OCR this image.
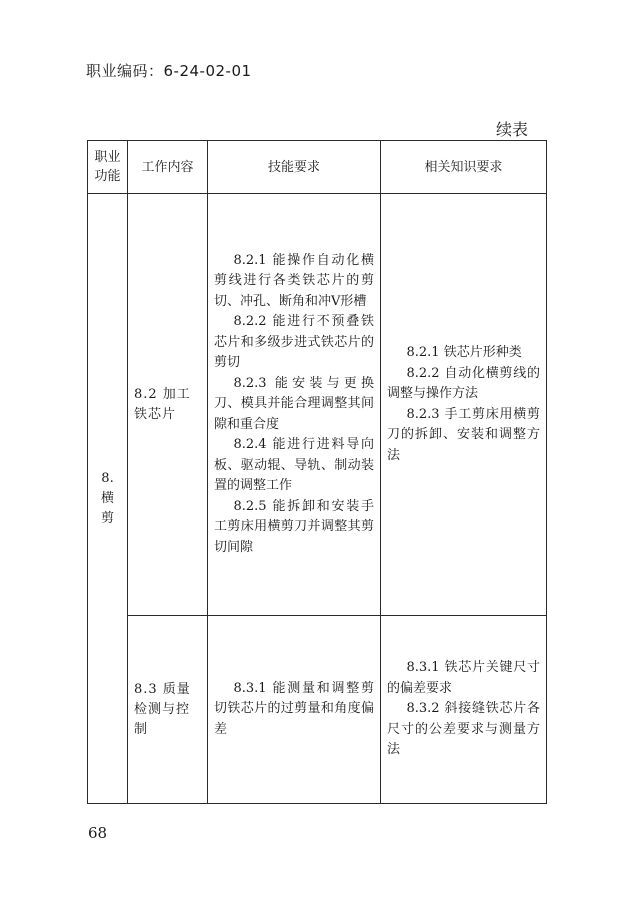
职业编码：6-24-02-01
续表
职业功能	工作内容	技能要求	相关知识要求

8.
横
剪	8.2 加工铁芯片	8.2.1 能操作自动化横剪线进行各类铁芯片的剪切、冲孔、断角和冲V形槽
8.2.2 能进行不预叠铁芯片和多级步进式铁芯片的剪切
8.2.3 能安装与更换刀、模具并能合理调整其间隙和重合度
8.2.4 能进行进料导向板、驱动辊、导轨、制动装置的调整工作
8.2.5 能拆卸和安装手工剪床用横剪刀并调整其剪切间隙	8.2.1 铁芯片形种类
8.2.2 自动化横剪线的调整与操作方法
8.2.3 手工剪床用横剪刀的拆卸、安装和调整方法

	8.3 质量检测与控制	8.3.1 能测量和调整剪切铁芯片的过剪量和角度偏差	8.3.1 铁芯片关键尺寸的偏差要求
8.3.2 斜接缝铁芯片各尺寸的公差要求与测量方法
68
